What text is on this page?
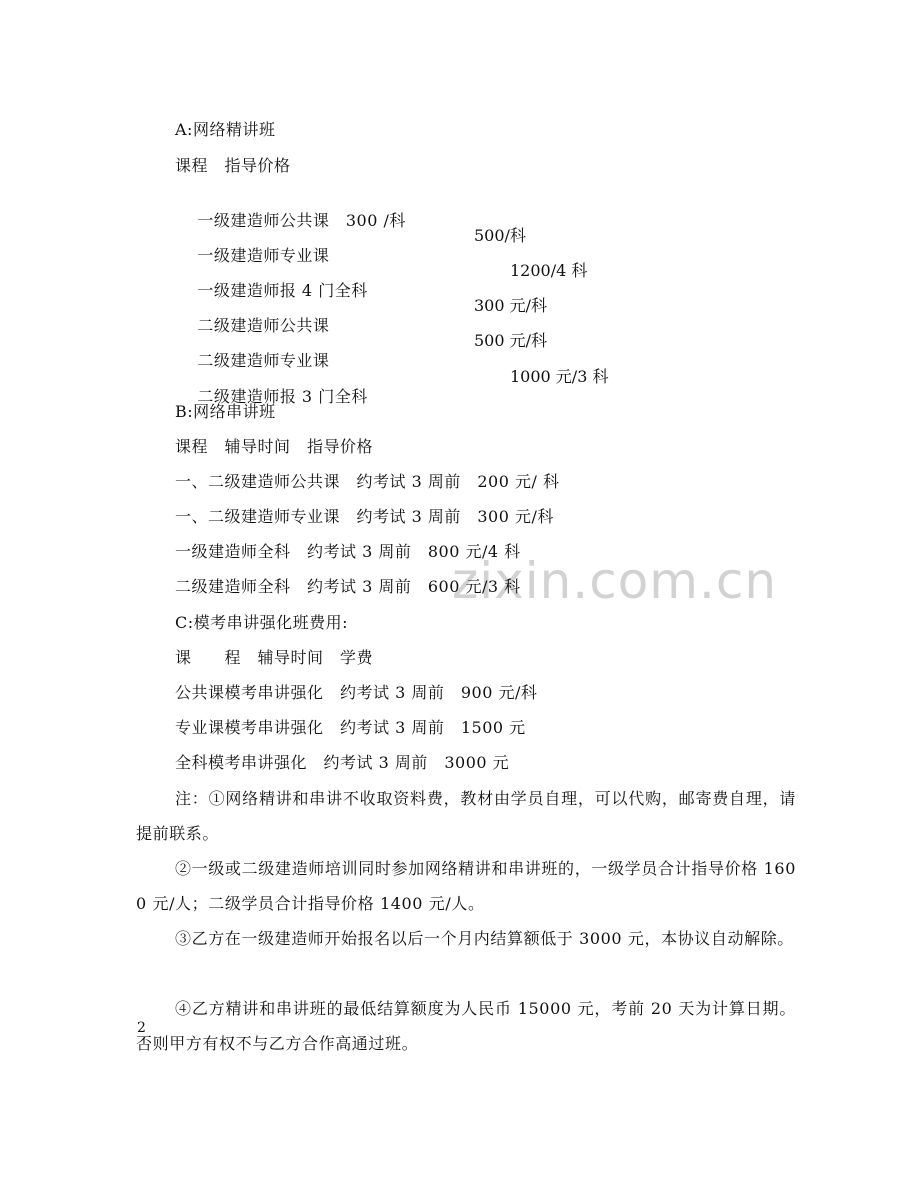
zixin.com.cn
A:网络精讲班
课程　指导价格

一级建造师公共课　300 /科

一级建造师专业课

500/科

一级建造师报 4 门全科

1200/4 科

二级建造师公共课

300 元/科

二级建造师专业课

500 元/科

二级建造师报 3 门全科

1000 元/3 科
B:网络串讲班
课程　辅导时间　指导价格
一、二级建造师公共课　约考试 3 周前　200 元/ 科
一、二级建造师专业课　约考试 3 周前　300 元/科
一级建造师全科　约考试 3 周前　800 元/4 科
二级建造师全科　约考试 3 周前　600 元/3 科
C:模考串讲强化班费用:
课　　程　辅导时间　学费
公共课模考串讲强化　约考试 3 周前　900 元/科
专业课模考串讲强化　约考试 3 周前　1500 元
全科模考串讲强化　约考试 3 周前　3000 元
注：①网络精讲和串讲不收取资料费，教材由学员自理，可以代购，邮寄费自理，请提前联系。
②一级或二级建造师培训同时参加网络精讲和串讲班的，一级学员合计指导价格 1600 元/人；二级学员合计指导价格 1400 元/人。
③乙方在一级建造师开始报名以后一个月内结算额低于 3000 元，本协议自动解除。
④乙方精讲和串讲班的最低结算额度为人民币 15000 元，考前 20 天为计算日期。否则甲方有权不与乙方合作高通过班。
2
